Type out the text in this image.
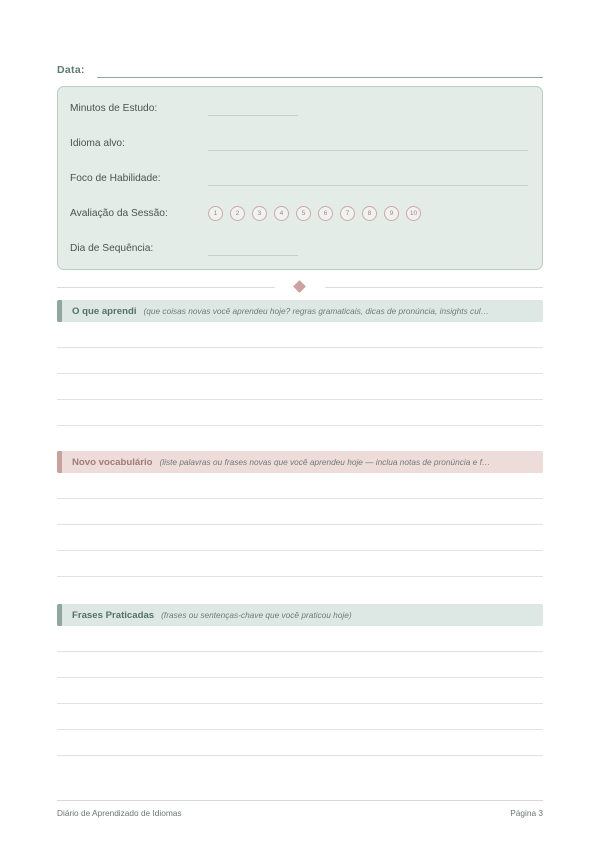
Data:
Minutos de Estudo:
Idioma alvo:
Foco de Habilidade:
Avaliação da Sessão:	1	2	3	4	5	6	7	8	9	10
Dia de Sequência:
O que aprendi (que coisas novas você aprendeu hoje? regras gramaticais, dicas de pronúncia, insights cul…
Novo vocabulário (liste palavras ou frases novas que você aprendeu hoje — inclua notas de pronúncia e f…
Frases Praticadas (frases ou sentenças-chave que você praticou hoje)
Diário de Aprendizado de Idiomas	Página 3
